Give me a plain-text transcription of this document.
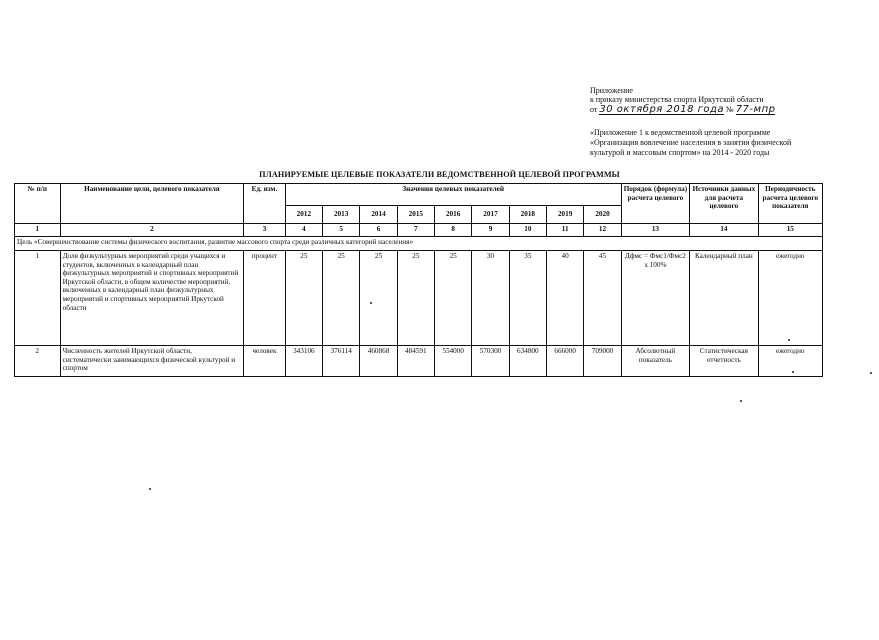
Приложение
к приказу министерства спорта Иркутской области
от 30 октября 2018 года № 77-мпр
«Приложение 1 к ведомственной целевой программе «Организация вовлечение населения в занятия физической культурой и массовым спортом» на 2014 - 2020 годы
ПЛАНИРУЕМЫЕ ЦЕЛЕВЫЕ ПОКАЗАТЕЛИ ВЕДОМСТВЕННОЙ ЦЕЛЕВОЙ ПРОГРАММЫ
№ п/п	Наименование цели, целевого показателя	Ед. изм.	Значения целевых показателей									Порядок (формула) расчета целевого	Источники данных для расчета целевого	Периодичность расчета целевого показателя
			2012	2013	2014	2015	2016	2017	2018	2019	2020			
1	2	3	4	5	6	7	8	9	10	11	12	13	14	15
Цель «Совершенствование системы физического воспитания, развитие массового спорта среди различных категорий населения»														
1	Доля физкультурных мероприятий среди учащихся и студентов, включенных в календарный план физкультурных мероприятий и спортивных мероприятий Иркутской области, в общем количестве мероприятий, включенных в календарный план физкультурных мероприятий и спортивных мероприятий Иркутской области	процент	25	25	25	25	25	30	35	40	45	Дфмс = Фмс1/Фмс2 х 100%	Календарный план	ежегодно
2	Численность жителей Иркутской области, систематически занимающихся физической культурой и спортом	человек	343106	376114	460868	484591	554000	570300	634800	666000	709000	Абсолютный показатель	Статистическая отчетность	ежегодно
